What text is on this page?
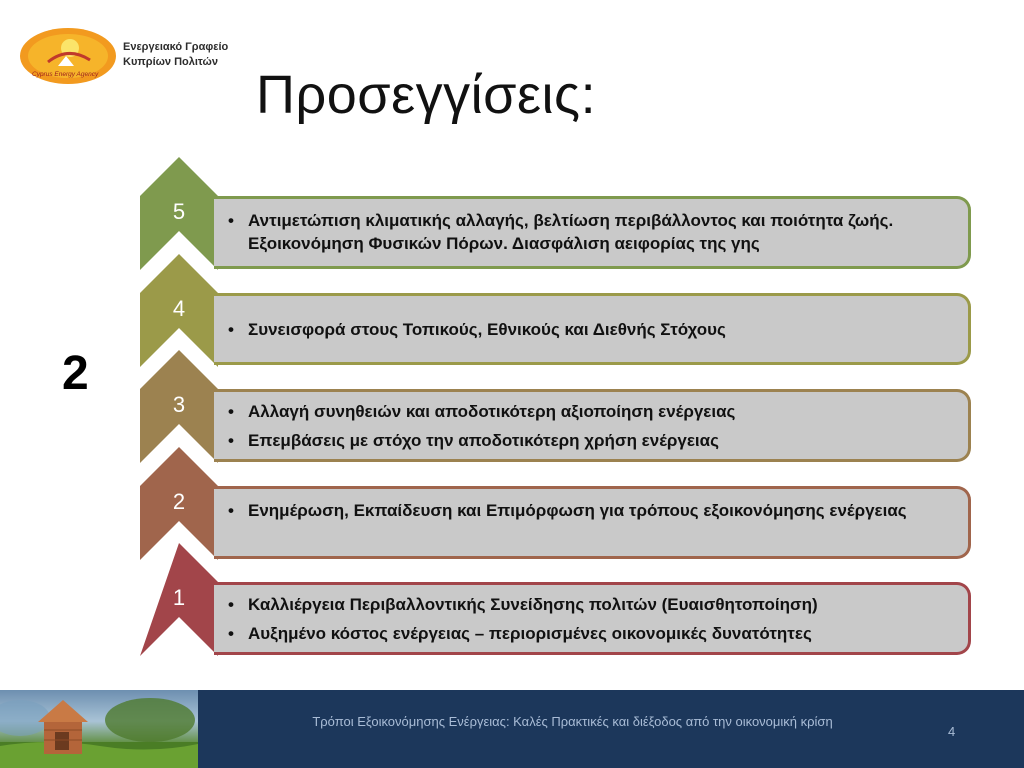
Cyprus Energy Agency
Ενεργειακό Γραφείο
Κυπρίων Πολιτών
Προσεγγίσεις:
2
5	• Αντιμετώπιση κλιματικής αλλαγής, βελτίωση περιβάλλοντος και ποιότητα ζωής. Εξοικονόμηση Φυσικών Πόρων. Διασφάλιση αειφορίας της γης
4
• Συνεισφορά στους Τοπικούς, Εθνικούς και Διεθνής Στόχους
3	• Αλλαγή συνηθειών και αποδοτικότερη αξιοποίηση ενέργειας
• Επεμβάσεις με στόχο την αποδοτικότερη χρήση ενέργειας
2	• Ενημέρωση, Εκπαίδευση και Επιμόρφωση για τρόπους εξοικονόμησης ενέργειας
1	• Καλλιέργεια Περιβαλλοντικής Συνείδησης πολιτών (Ευαισθητοποίηση)
• Αυξημένο κόστος ενέργειας – περιορισμένες οικονομικές δυνατότητες
Τρόποι Εξοικονόμησης Ενέργειας: Καλές Πρακτικές και διέξοδος από την οικονομική κρίση
4
